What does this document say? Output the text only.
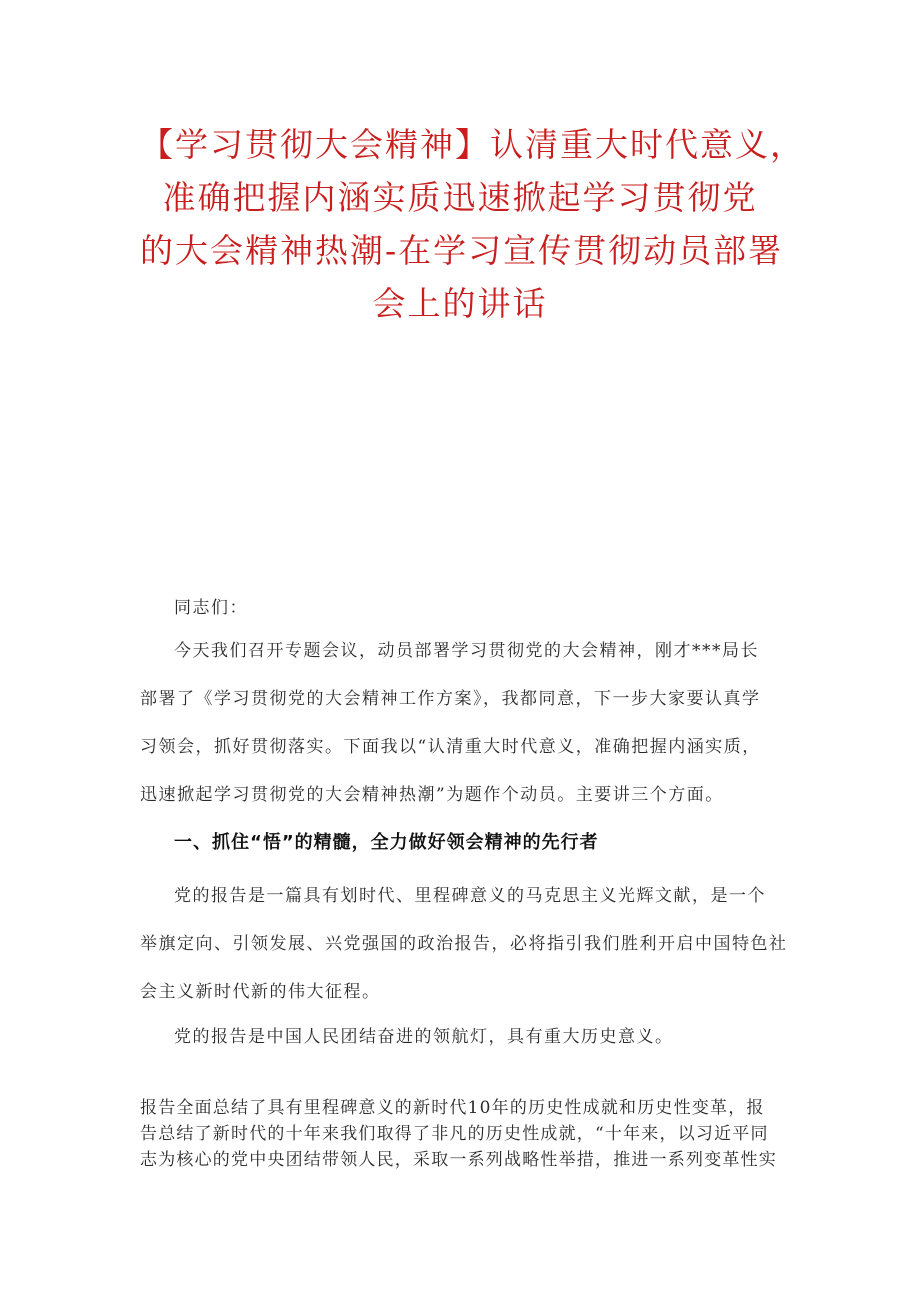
【学习贯彻大会精神】认清重大时代意义，
准确把握内涵实质迅速掀起学习贯彻党
的大会精神热潮-在学习宣传贯彻动员部署
会上的讲话
同志们：
今天我们召开专题会议，动员部署学习贯彻党的大会精神，刚才***局长
部署了《学习贯彻党的大会精神工作方案》，我都同意，下一步大家要认真学
习领会，抓好贯彻落实。下面我以“认清重大时代意义，准确把握内涵实质，
迅速掀起学习贯彻党的大会精神热潮”为题作个动员。主要讲三个方面。
一、抓住“悟”的精髓，全力做好领会精神的先行者
党的报告是一篇具有划时代、里程碑意义的马克思主义光辉文献，是一个
举旗定向、引领发展、兴党强国的政治报告，必将指引我们胜利开启中国特色社
会主义新时代新的伟大征程。
党的报告是中国人民团结奋进的领航灯，具有重大历史意义。
报告全面总结了具有里程碑意义的新时代10年的历史性成就和历史性变革，报
告总结了新时代的十年来我们取得了非凡的历史性成就，“十年来，以习近平同
志为核心的党中央团结带领人民，采取一系列战略性举措，推进一系列变革性实
